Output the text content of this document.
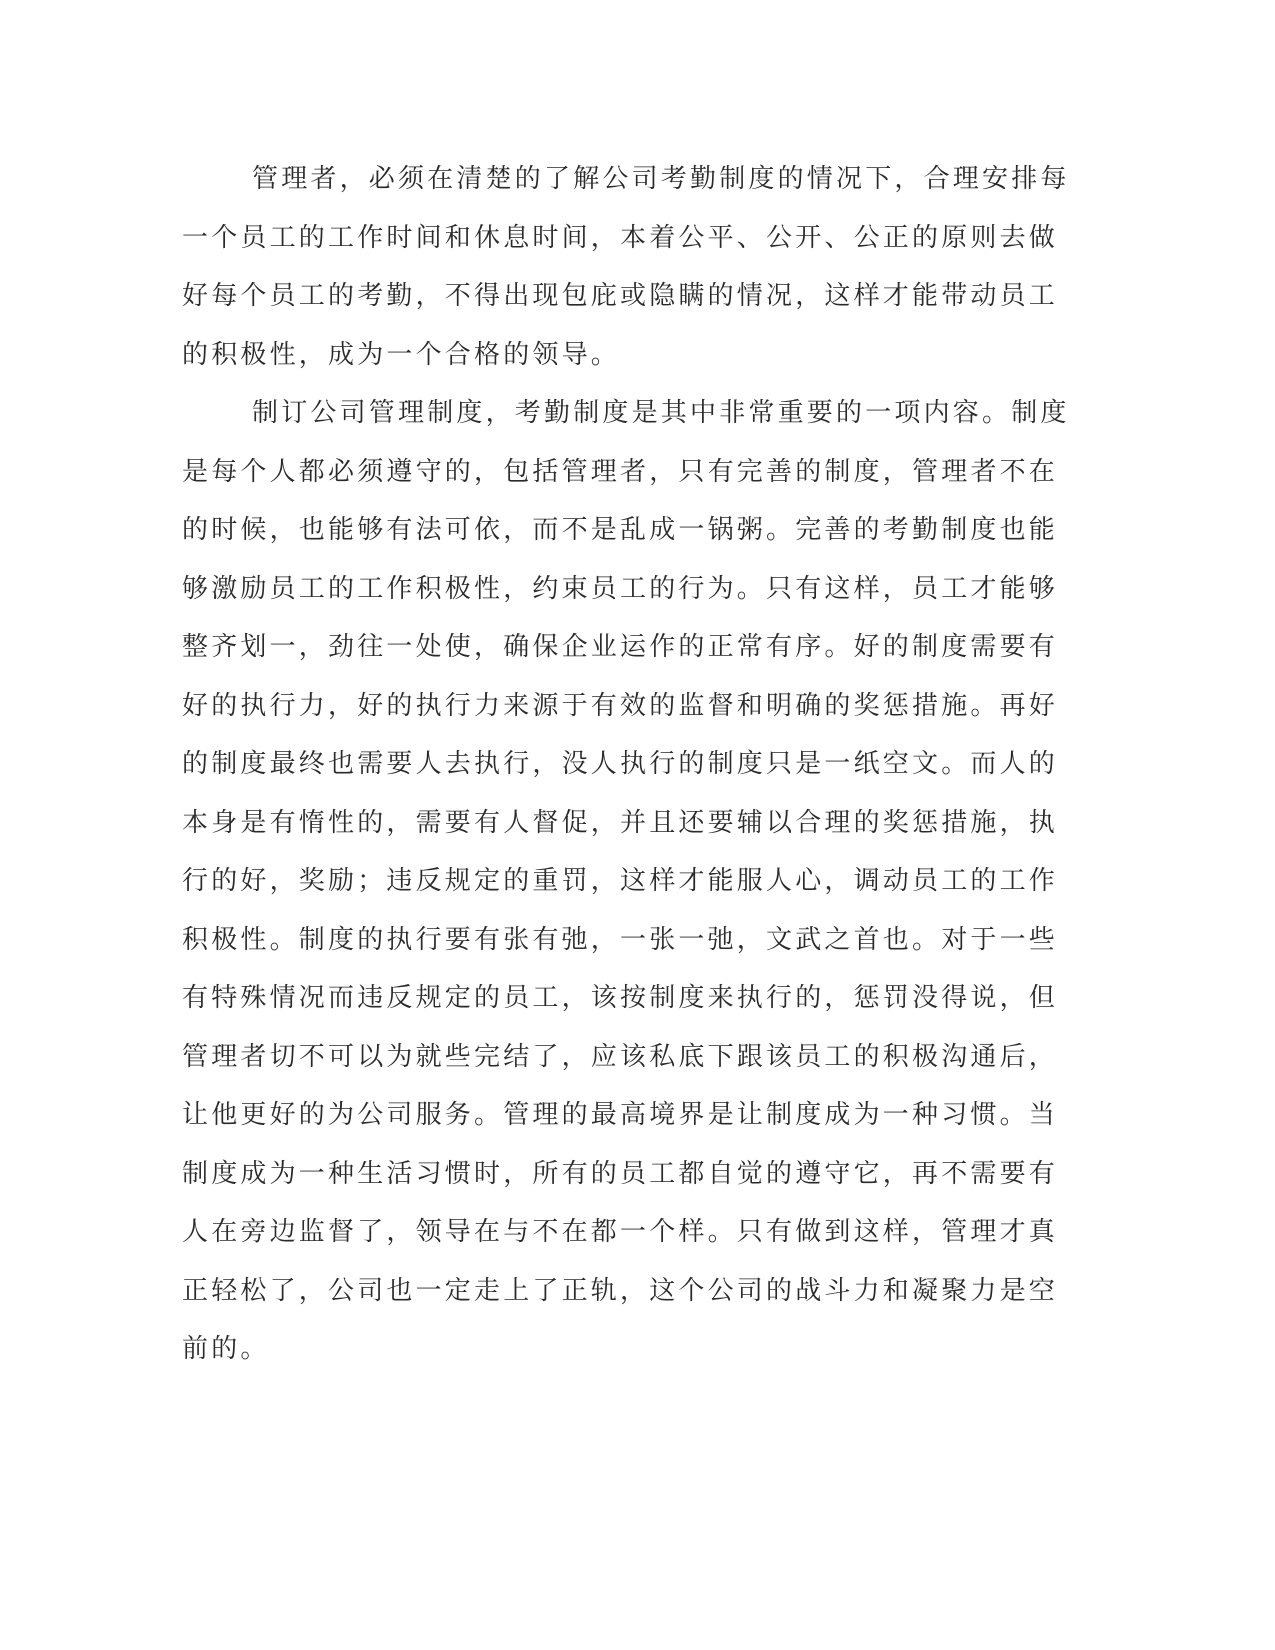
管理者，必须在清楚的了解公司考勤制度的情况下，合理安排每
一个员工的工作时间和休息时间，本着公平、公开、公正的原则去做
好每个员工的考勤，不得出现包庇或隐瞒的情况，这样才能带动员工
的积极性，成为一个合格的领导。

制订公司管理制度，考勤制度是其中非常重要的一项内容。制度
是每个人都必须遵守的，包括管理者，只有完善的制度，管理者不在
的时候，也能够有法可依，而不是乱成一锅粥。完善的考勤制度也能
够激励员工的工作积极性，约束员工的行为。只有这样，员工才能够
整齐划一，劲往一处使，确保企业运作的正常有序。好的制度需要有
好的执行力，好的执行力来源于有效的监督和明确的奖惩措施。再好
的制度最终也需要人去执行，没人执行的制度只是一纸空文。而人的
本身是有惰性的，需要有人督促，并且还要辅以合理的奖惩措施，执
行的好，奖励；违反规定的重罚，这样才能服人心，调动员工的工作
积极性。制度的执行要有张有弛，一张一弛，文武之首也。对于一些
有特殊情况而违反规定的员工，该按制度来执行的，惩罚没得说，但
管理者切不可以为就些完结了，应该私底下跟该员工的积极沟通后，
让他更好的为公司服务。管理的最高境界是让制度成为一种习惯。当
制度成为一种生活习惯时，所有的员工都自觉的遵守它，再不需要有
人在旁边监督了，领导在与不在都一个样。只有做到这样，管理才真
正轻松了，公司也一定走上了正轨，这个公司的战斗力和凝聚力是空
前的。
